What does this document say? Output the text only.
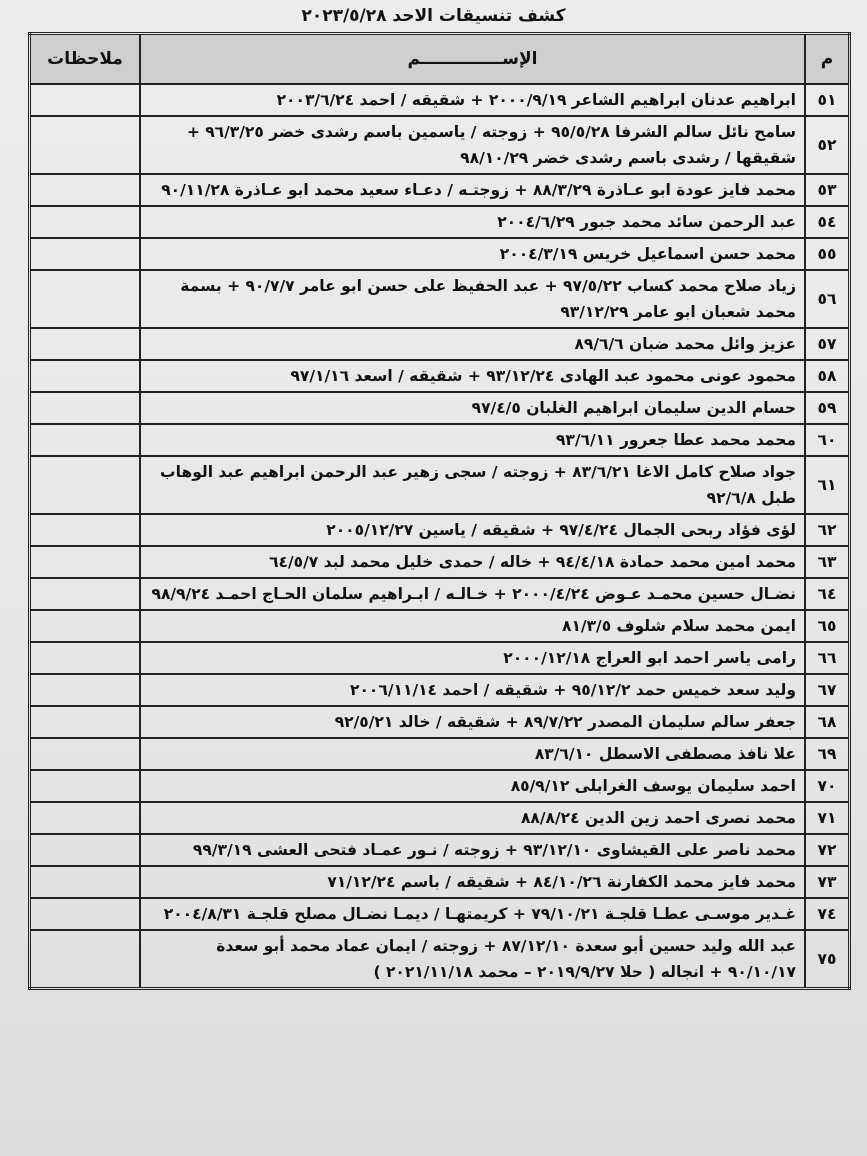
كشف تنسيقات الاحد ٢٠٢٣/٥/٢٨
م	الإســــــــــــــم	ملاحظات
٥١	ابراهيم عدنان ابراهيم الشاعر ٢٠٠٠/٩/١٩ + شقيقه / احمد ٢٠٠٣/٦/٢٤	
٥٢	سامح نائل سالم الشرفا ٩٥/٥/٢٨ + زوجته / ياسمين باسم رشدى خضر ٩٦/٣/٢٥ + شقيقها / رشدى باسم رشدى خضر ٩٨/١٠/٢٩	
٥٣	محمد فايز عودة ابو عـاذرة ٨٨/٣/٢٩ + زوجتـه / دعـاء سعيد محمد ابو عـاذرة ٩٠/١١/٢٨	
٥٤	عبد الرحمن سائد محمد جبور ٢٠٠٤/٦/٢٩	
٥٥	محمد حسن اسماعيل خريس ٢٠٠٤/٣/١٩	
٥٦	زياد صلاح محمد كساب ٩٧/٥/٢٢ + عبد الحفيظ على حسن ابو عامر ٩٠/٧/٧ + بسمة محمد شعبان ابو عامر ٩٣/١٢/٢٩	
٥٧	عزيز وائل محمد ضبان ٨٩/٦/٦	
٥٨	محمود عونى محمود عبد الهادى ٩٣/١٢/٢٤ + شقيقه / اسعد ٩٧/١/١٦	
٥٩	حسام الدين سليمان ابراهيم الغلبان ٩٧/٤/٥	
٦٠	محمد محمد عطا جعرور ٩٣/٦/١١	
٦١	جواد صلاح كامل الاغا ٨٣/٦/٢١ + زوجته / سجى زهير عبد الرحمن ابراهيم عبد الوهاب طبل ٩٢/٦/٨	
٦٢	لؤى فؤاد ربحى الجمال ٩٧/٤/٢٤ + شقيقه / ياسين ٢٠٠٥/١٢/٢٧	
٦٣	محمد امين محمد حمادة ٩٤/٤/١٨ + خاله / حمدى خليل محمد لبد ٦٤/٥/٧	
٦٤	نضـال حسين محمـد عـوض ٢٠٠٠/٤/٢٤ + خـالـه / ابـراهيم سلمان الحـاج احمـد ٩٨/٩/٢٤	
٦٥	ايمن محمد سلام شلوف ٨١/٣/٥	
٦٦	رامى ياسر احمد ابو العراج ٢٠٠٠/١٢/١٨	
٦٧	وليد سعد خميس حمد ٩٥/١٢/٢ + شقيقه / احمد ٢٠٠٦/١١/١٤	
٦٨	جعفر سالم سليمان المصدر ٨٩/٧/٢٢ + شقيقه / خالد ٩٢/٥/٢١	
٦٩	علا نافذ مصطفى الاسطل ٨٣/٦/١٠	
٧٠	احمد سليمان يوسف الغرابلى ٨٥/٩/١٢	
٧١	محمد نصرى احمد زين الدين ٨٨/٨/٢٤	
٧٢	محمد ناصر على القيشاوى ٩٣/١٢/١٠ + زوجته / نـور عمـاد فتحى العشى ٩٩/٣/١٩	
٧٣	محمد فايز محمد الكفارنة ٨٤/١٠/٢٦ + شقيقه / باسم ٧١/١٢/٢٤	
٧٤	غـدير موسـى عطـا قلجـة ٧٩/١٠/٢١ + كريمتهـا / ديمـا نضـال مصلح قلجـة ٢٠٠٤/٨/٣١	
٧٥	عبد الله وليد حسين أبو سعدة ٨٧/١٢/١٠ + زوجته / ايمان عماد محمد أبو سعدة ٩٠/١٠/١٧ + انجاله ( حلا ٢٠١٩/٩/٢٧ – محمد ٢٠٢١/١١/١٨ )	
